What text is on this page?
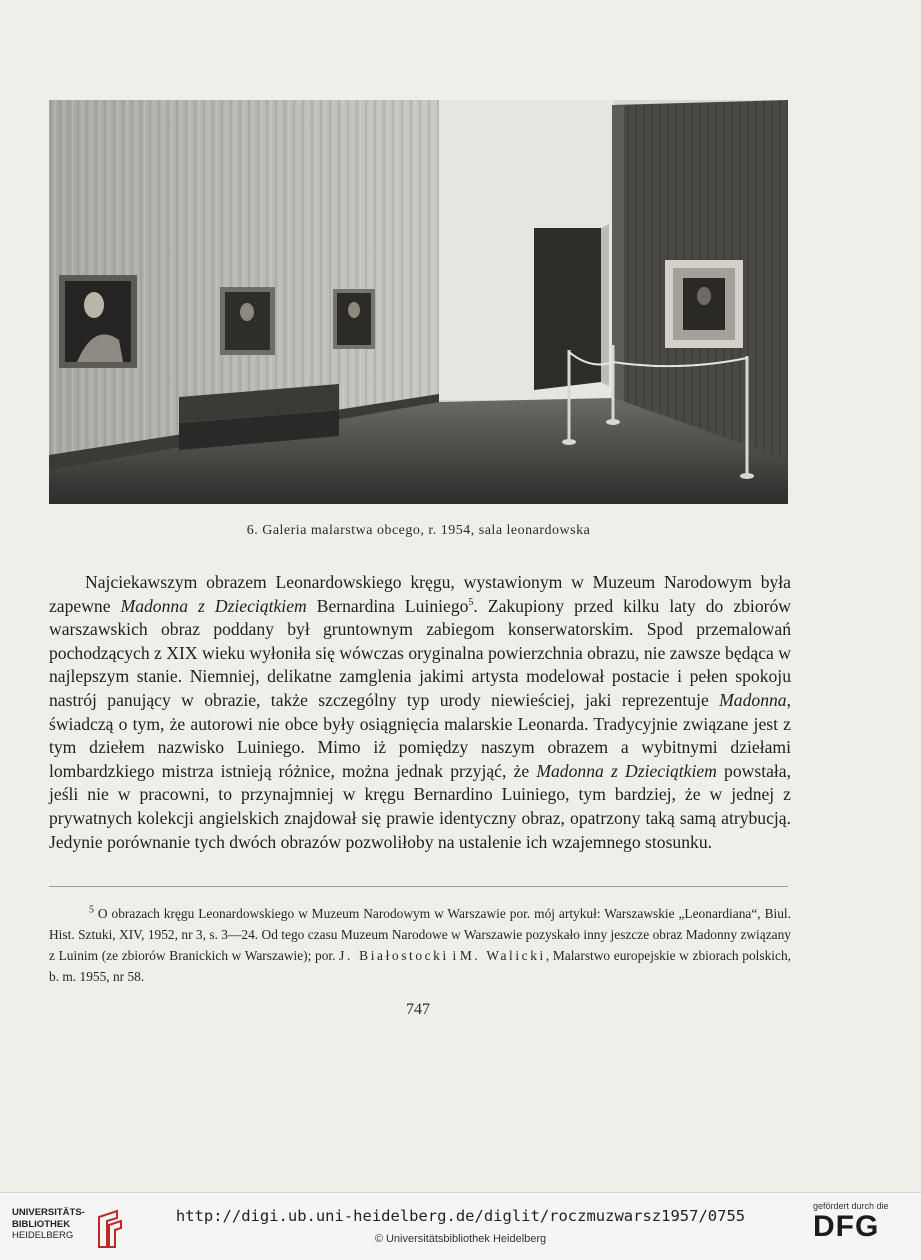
6. Galeria malarstwa obcego, r. 1954, sala leonardowska

Najciekawszym obrazem Leonardowskiego kręgu, wystawionym w Muzeum Narodowym była zapewne Madonna z Dzieciątkiem Bernardina Luiniego$^5$. Zakupiony przed kilku laty do zbiorów warszawskich obraz poddany był gruntownym zabiegom konserwatorskim. Spod przemalowań pochodzących z XIX wieku wyłoniła się wówczas oryginalna powierzchnia obrazu, nie zawsze będąca w najlepszym stanie. Niemniej, delikatne zamglenia jakimi artysta modelował postacie i pełen spokoju nastrój panujący w obrazie, także szczególny typ urody niewieściej, jaki reprezentuje Madonna, świadczą o tym, że autorowi nie obce były osiągnięcia malarskie Leonarda. Tradycyjnie związane jest z tym dziełem nazwisko Luiniego. Mimo iż pomiędzy naszym obrazem a wybitnymi dziełami lombardzkiego mistrza istnieją różnice, można jednak przyjąć, że Madonna z Dzieciątkiem powstała, jeśli nie w pracowni, to przynajmniej w kręgu Bernardino Luiniego, tym bardziej, że w jednej z prywatnych kolekcji angielskich znajdował się prawie identyczny obraz, opatrzony taką samą atrybucją. Jedynie porównanie tych dwóch obrazów pozwoliłoby na ustalenie ich wzajemnego stosunku.

$^5$ O obrazach kręgu Leonardowskiego w Muzeum Narodowym w Warszawie por. mój artykuł: Warszawskie „Leonardiana“, Biul. Hist. Sztuki, XIV, 1952, nr 3, s. 3—24. Od tego czasu Muzeum Narodowe w Warszawie pozyskało inny jeszcze obraz Madonny związany z Luinim (ze zbiorów Branickich w Warszawie); por. J. Białostocki i M. Walicki, Malarstwo europejskie w zbiorach polskich, b. m. 1955, nr 58.

747
UNIVERSITÄTS-
BIBLIOTHEK
HEIDELBERG
http://digi.ub.uni-heidelberg.de/diglit/roczmuzwarsz1957/0755
© Universitätsbibliothek Heidelberg
gefördert durch die
DFG
